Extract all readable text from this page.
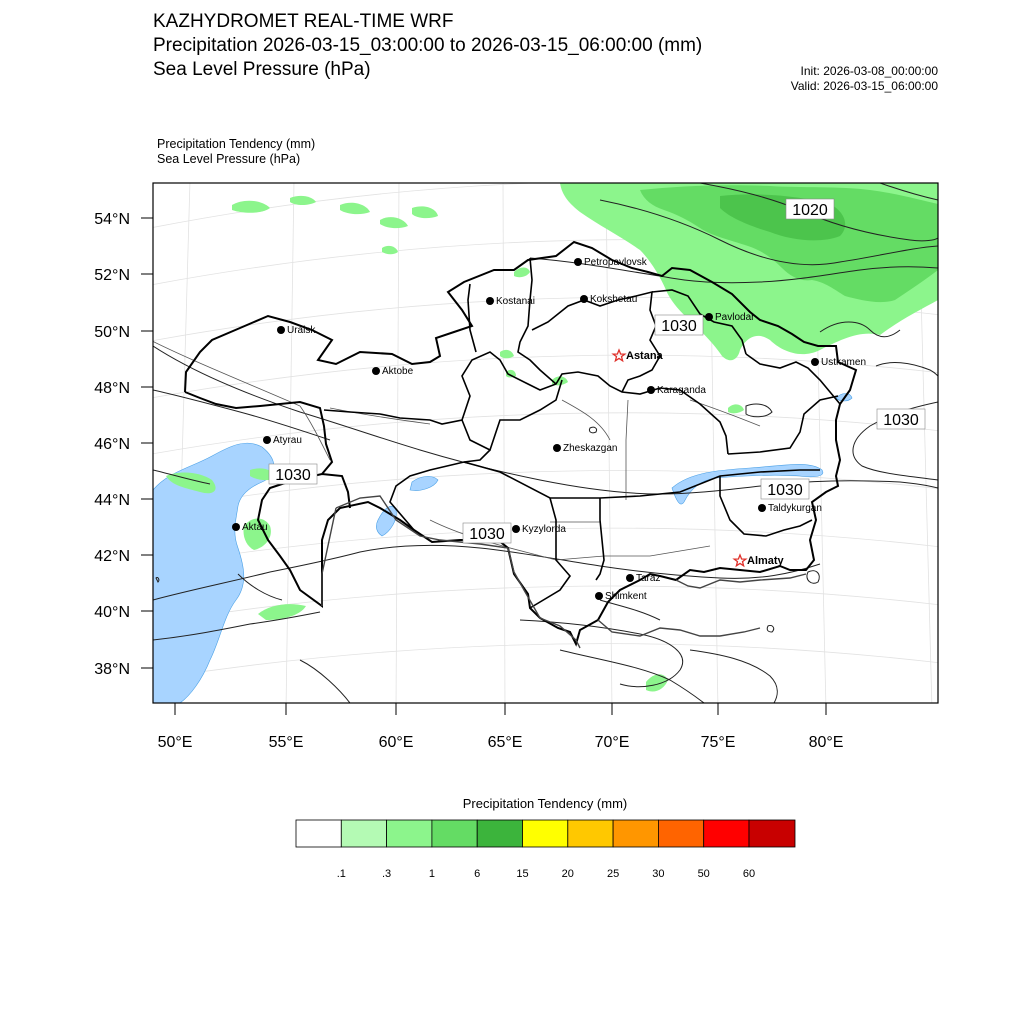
KAZHYDROMET REAL-TIME WRF
Precipitation 2026-03-15_03:00:00 to 2026-03-15_06:00:00 (mm)
Sea Level Pressure (hPa)	Init: 2026-03-08_00:00:00
Valid: 2026-03-15_06:00:00
Precipitation Tendency (mm)
Sea Level Pressure (hPa)
1020
1030
1030
1030
1030
1030
Petropavlovsk
Kostanai	Kokshetau
Uralsk
Pavlodar
Astana
Aktobe
Ustkamen
Karaganda
Atyrau
Zheskazgan
Taldykurgan
Aktau	Kyzylorda
Almaty
Taraz
Shimkent
54°N
52°N
50°N
48°N
46°N
44°N
42°N
40°N
38°N
50°E	55°E	60°E	65°E	70°E	75°E	80°E
Precipitation Tendency (mm)
.1	.3	1	6	15	20	25	30	50	60
